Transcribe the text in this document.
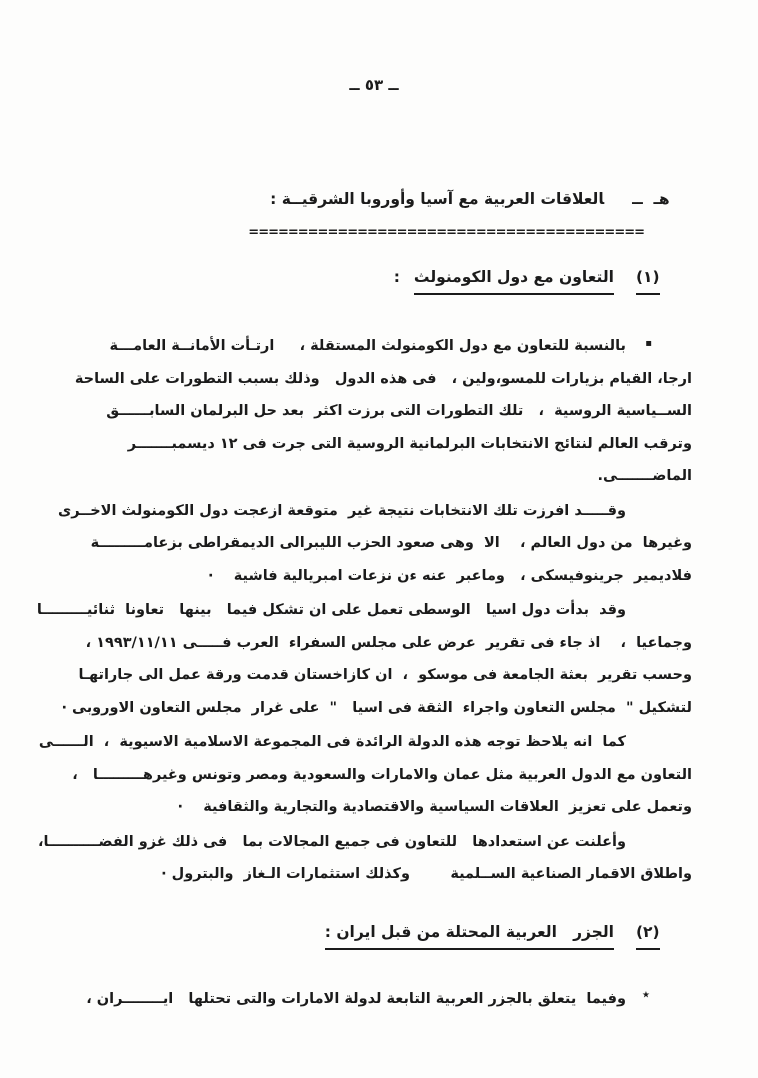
ــ ٥٣ ــ

هـ  ــالعلاقات العربية مع آسيا وأوروبا الشرقيــة :

========================================

(١)التعاون مع دول الكومنولث:

▪
بالنسبة للتعاون مع دول الكومنولث المستقلة ،     ارتـأت الأمانــة العامـــة
ارجا، القيام بزيارات للمسو،ولين ،   فى هذه الدول   وذلك بسبب التطورات على الساحة
الســياسية الروسية  ،   تلك التطورات التى برزت اكثر  بعد حل البرلمان السابــــــق
وترقب العالم لنتائج الانتخابات البرلمانية الروسية التى جرت فى ١٢ ديسمبـــــــر
الماضـــــــى.
وقـــــد افرزت تلك الانتخابات نتيجة غير  متوقعة ازعجت دول الكومنولث الاخــرى
وغيرها  من دول العالم ،    الا  وهى صعود الحزب الليبرالى الديمقراطى بزعامـــــــــة
فلاديمير  جرينوفيسكى ،   وماعبر  عنه ءن نزعات امبريالية فاشية    ·
وقد  بدأت دول اسيا   الوسطى تعمل على ان تشكل فيما   بينها   تعاونا  ثنائيـــــــــا
وجماعيا  ،    اذ جاء فى تقرير  عرض على مجلس السفراء  العرب فـــــى ١٩٩٣/١١/١١ ،
وحسب تقرير  بعثة الجامعة فى موسكو  ،  ان كازاخستان قدمت ورقة عمل الى جاراتهـا
لتشكيل "  مجلس التعاون واجراء  الثقة فى اسيا   "  على غرار  مجلس التعاون الاوروبى ·
كما  انه يلاحظ توجه هذه الدولة الرائدة فى المجموعة الاسلامية الاسيوية  ،  الــــــى
التعاون مع الدول العربية مثل عمان والامارات والسعودية ومصر وتونس وغيرهـــــــــا   ،
وتعمل على تعزيز  العلاقات السياسية والاقتصادية والتجارية والثقافية    ·
وأعلنت عن استعدادها   للتعاون فى جميع المجالات بما   فى ذلك غزو الفضــــــــــا،
واطلاق الاقمار الصناعية الســلمية        وكذلك استثمارات الـغاز  والبترول ·

(٢)الجزر   العربية المحتلة من قبل ايران :

٭
وفيما  يتعلق بالجزر العربية التابعة لدولة الامارات والتى تحتلها   ايــــــــران ،
